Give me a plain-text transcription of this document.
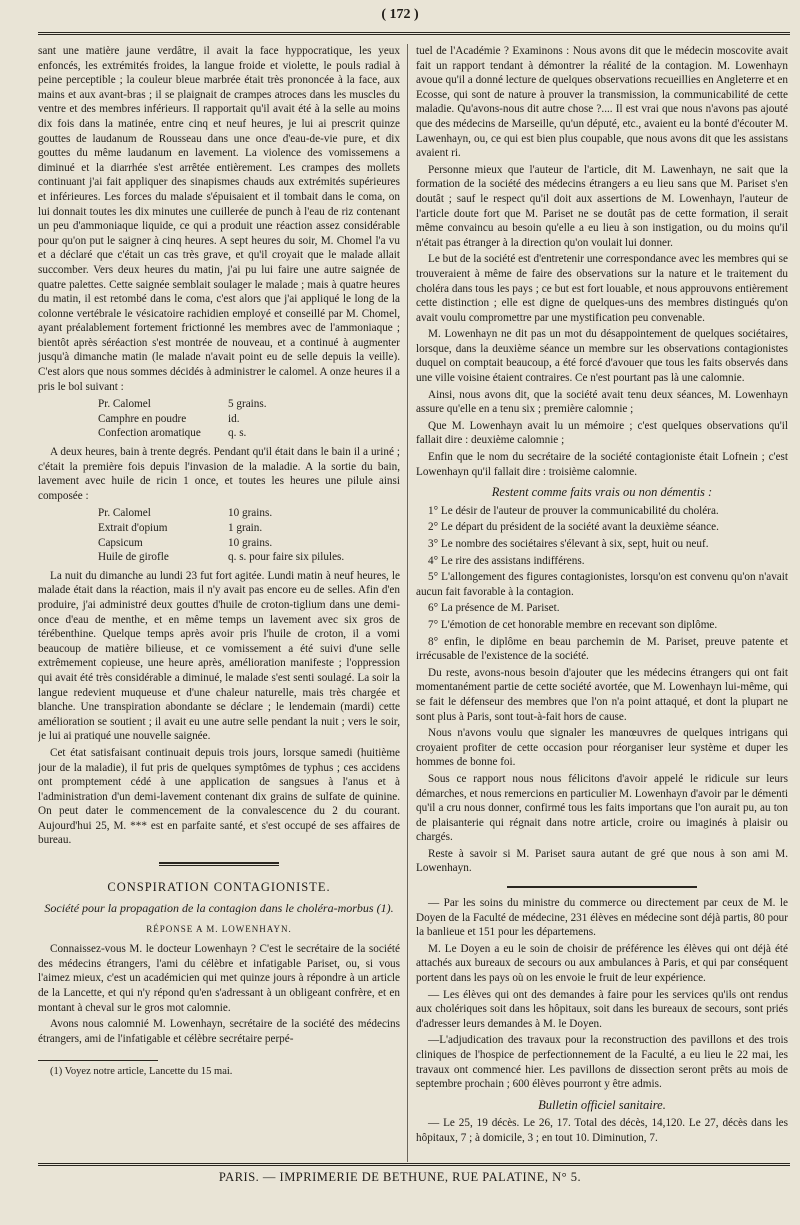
( 172 )

sant une matière jaune verdâtre, il avait la face hyppocratique, les yeux enfoncés, les extrémités froides, la langue froide et violette, le pouls radial à peine perceptible ; la couleur bleue marbrée était très prononcée à la face, aux mains et aux avant-bras ; il se plaignait de crampes atroces dans les muscles du ventre et des membres inférieurs. Il rapportait qu'il avait été à la selle au moins dix fois dans la matinée, entre cinq et neuf heures, je lui ai prescrit quinze gouttes de laudanum de Rousseau dans une once d'eau-de-vie pure, et dix gouttes du même laudanum en lavement. La violence des vomissemens a diminué et la diarrhée s'est arrêtée entièrement. Les crampes des mollets continuant j'ai fait appliquer des sinapismes chauds aux extrémités supérieures et inférieures. Les forces du malade s'épuisaient et il tombait dans le coma, on lui donnait toutes les dix minutes une cuillerée de punch à l'eau de riz contenant un peu d'ammoniaque liquide, ce qui a produit une réaction assez considérable pour qu'on put le saigner à cinq heures. A sept heures du soir, M. Chomel l'a vu et a déclaré que c'était un cas très grave, et qu'il croyait que le malade allait succomber. Vers deux heures du matin, j'ai pu lui faire une autre saignée de quatre palettes. Cette saignée semblait soulager le malade ; mais à quatre heures du matin, il est retombé dans le coma, c'est alors que j'ai appliqué le long de la colonne vertébrale le vésicatoire rachidien employé et conseillé par M. Chomel, ayant préalablement fortement frictionné les membres avec de l'ammoniaque ; bientôt après séréaction s'est montrée de nouveau, et a continué à augmenter jusqu'à dimanche matin (le malade n'avait point eu de selle depuis la veille). C'est alors que nous sommes décidés à administrer le calomel. A onze heures il a pris le bol suivant :

Pr. Calomel	5 grains.
Camphre en poudre	id.
Confection aromatique	q. s.

A deux heures, bain à trente degrés. Pendant qu'il était dans le bain il a uriné ; c'était la première fois depuis l'invasion de la maladie. A la sortie du bain, lavement avec huile de ricin 1 once, et toutes les heures une pilule ainsi composée :

Pr. Calomel	10 grains.
Extrait d'opium	1 grain.
Capsicum	10 grains.
Huile de girofle	q. s. pour faire six pilules.

La nuit du dimanche au lundi 23 fut fort agitée. Lundi matin à neuf heures, le malade était dans la réaction, mais il n'y avait pas encore eu de selles. Afin d'en produire, j'ai administré deux gouttes d'huile de croton-tiglium dans une demi-once d'eau de menthe, et en même temps un lavement avec six gros de térébenthine. Quelque temps après avoir pris l'huile de croton, il a vomi beaucoup de matière bilieuse, et ce vomissement a été suivi d'une selle extrêmement copieuse, une heure après, amélioration manifeste ; l'oppression qui avait été très considérable a diminué, le malade s'est senti soulagé. La soir la langue redevient muqueuse et d'une chaleur naturelle, mais très chargée et blanche. Une transpiration abondante se déclare ; le lendemain (mardi) cette amélioration se soutient ; il avait eu une autre selle pendant la nuit ; vers le soir, je lui ai pratiqué une nouvelle saignée.

Cet état satisfaisant continuait depuis trois jours, lorsque samedi (huitième jour de la maladie), il fut pris de quelques symptômes de typhus ; ces accidens ont promptement cédé à une application de sangsues à l'anus et à l'administration d'un demi-lavement contenant dix grains de sulfate de quinine. On peut dater le commencement de la convalescence du 2 du courant. Aujourd'hui 25, M. *** est en parfaite santé, et s'est occupé de ses affaires de bureau.

CONSPIRATION CONTAGIONISTE.
Société pour la propagation de la contagion dans le choléra-morbus (1).
RÉPONSE A M. LOWENHAYN.

Connaissez-vous M. le docteur Lowenhayn ? C'est le secrétaire de la société des médecins étrangers, l'ami du célèbre et infatigable Pariset, ou, si vous l'aimez mieux, c'est un académicien qui met quinze jours à répondre à un article de la Lancette, et qui n'y répond qu'en s'adressant à un obligeant confrère, et en montant à cheval sur le gros mot calomnie.

Avons nous calomnié M. Lowenhayn, secrétaire de la société des médecins étrangers, ami de l'infatigable et célèbre secrétaire perpé-

(1) Voyez notre article, Lancette du 15 mai.

tuel de l'Académie ? Examinons : Nous avons dit que le médecin moscovite avait fait un rapport tendant à démontrer la réalité de la contagion. M. Lowenhayn avoue qu'il a donné lecture de quelques observations recueillies en Angleterre et en Ecosse, qui sont de nature à prouver la transmission, la communicabilité de cette maladie. Qu'avons-nous dit autre chose ?.... Il est vrai que nous n'avons pas ajouté que des médecins de Marseille, qu'un député, etc., avaient eu la bonté d'écouter M. Lawenhayn, ou, ce qui est bien plus coupable, que nous avons dit que les assistans avaient ri.

Personne mieux que l'auteur de l'article, dit M. Lawenhayn, ne sait que la formation de la société des médecins étrangers a eu lieu sans que M. Pariset s'en doutât ; sauf le respect qu'il doit aux assertions de M. Lowenhayn, l'auteur de l'article doute fort que M. Pariset ne se doutât pas de cette formation, il serait même convaincu au besoin qu'elle a eu lieu à son instigation, ou du moins qu'il n'était pas étranger à la direction qu'on voulait lui donner.

Le but de la société est d'entretenir une correspondance avec les membres qui se trouveraient à même de faire des observations sur la nature et le traitement du choléra dans tous les pays ; ce but est fort louable, et nous approuvons entièrement cette distinction ; elle est digne de quelques-uns des membres distingués qu'on avait voulu compromettre par une mystification peu convenable.

M. Lowenhayn ne dit pas un mot du désappointement de quelques sociétaires, lorsque, dans la deuxième séance un membre sur les observations contagionistes duquel on comptait beaucoup, a été forcé d'avouer que tous les faits observés dans une ville voisine étaient contraires. Ce n'est pourtant pas là une calomnie.

Ainsi, nous avons dit, que la société avait tenu deux séances, M. Lowenhayn assure qu'elle en a tenu six ; première calomnie ;

Que M. Lowenhayn avait lu un mémoire ; c'est quelques observations qu'il fallait dire : deuxième calomnie ;

Enfin que le nom du secrétaire de la société contagioniste était Lofnein ; c'est Lowenhayn qu'il fallait dire : troisième calomnie.

Restent comme faits vrais ou non démentis :

1° Le désir de l'auteur de prouver la communicabilité du choléra.

2° Le départ du président de la société avant la deuxième séance.

3° Le nombre des sociétaires s'élevant à six, sept, huit ou neuf.

4° Le rire des assistans indifférens.

5° L'allongement des figures contagionistes, lorsqu'on est convenu qu'on n'avait aucun fait favorable à la contagion.

6° La présence de M. Pariset.

7° L'émotion de cet honorable membre en recevant son diplôme.

8° enfin, le diplôme en beau parchemin de M. Pariset, preuve patente et irrécusable de l'existence de la société.

Du reste, avons-nous besoin d'ajouter que les médecins étrangers qui ont fait momentanément partie de cette société avortée, que M. Lowenhayn lui-même, qui se fait le défenseur des membres que l'on n'a point attaqué, et dont la plupart ne sont plus à Paris, sont tout-à-fait hors de cause.

Nous n'avons voulu que signaler les manœuvres de quelques intrigans qui croyaient profiter de cette occasion pour réorganiser leur système et duper les hommes de bonne foi.

Sous ce rapport nous nous félicitons d'avoir appelé le ridicule sur leurs démarches, et nous remercions en particulier M. Lowenhayn d'avoir par le démenti qu'il a cru nous donner, confirmé tous les faits importans que l'on aurait pu, au ton de plaisanterie qui régnait dans notre article, croire ou imaginés à plaisir ou chargés.

Reste à savoir si M. Pariset saura autant de gré que nous à son ami M. Lowenhayn.

— Par les soins du ministre du commerce ou directement par ceux de M. le Doyen de la Faculté de médecine, 231 élèves en médecine sont déjà partis, 80 pour la banlieue et 151 pour les départemens.

M. Le Doyen a eu le soin de choisir de préférence les élèves qui ont déjà été attachés aux bureaux de secours ou aux ambulances à Paris, et qui par conséquent portent dans les pays où on les envoie le fruit de leur expérience.

— Les élèves qui ont des demandes à faire pour les services qu'ils ont rendus aux cholériques soit dans les hôpitaux, soit dans les bureaux de secours, sont priés d'adresser leurs demandes à M. le Doyen.

—L'adjudication des travaux pour la reconstruction des pavillons et des trois cliniques de l'hospice de perfectionnement de la Faculté, a eu lieu le 22 mai, les travaux ont commencé hier. Les pavillons de dissection seront prêts au mois de septembre prochain ; 600 élèves pourront y être admis.

Bulletin officiel sanitaire.

— Le 25, 19 décès. Le 26, 17. Total des décès, 14,120. Le 27, décès dans les hôpitaux, 7 ; à domicile, 3 ; en tout 10. Diminution, 7.

PARIS. — IMPRIMERIE DE BETHUNE, RUE PALATINE, N° 5.
